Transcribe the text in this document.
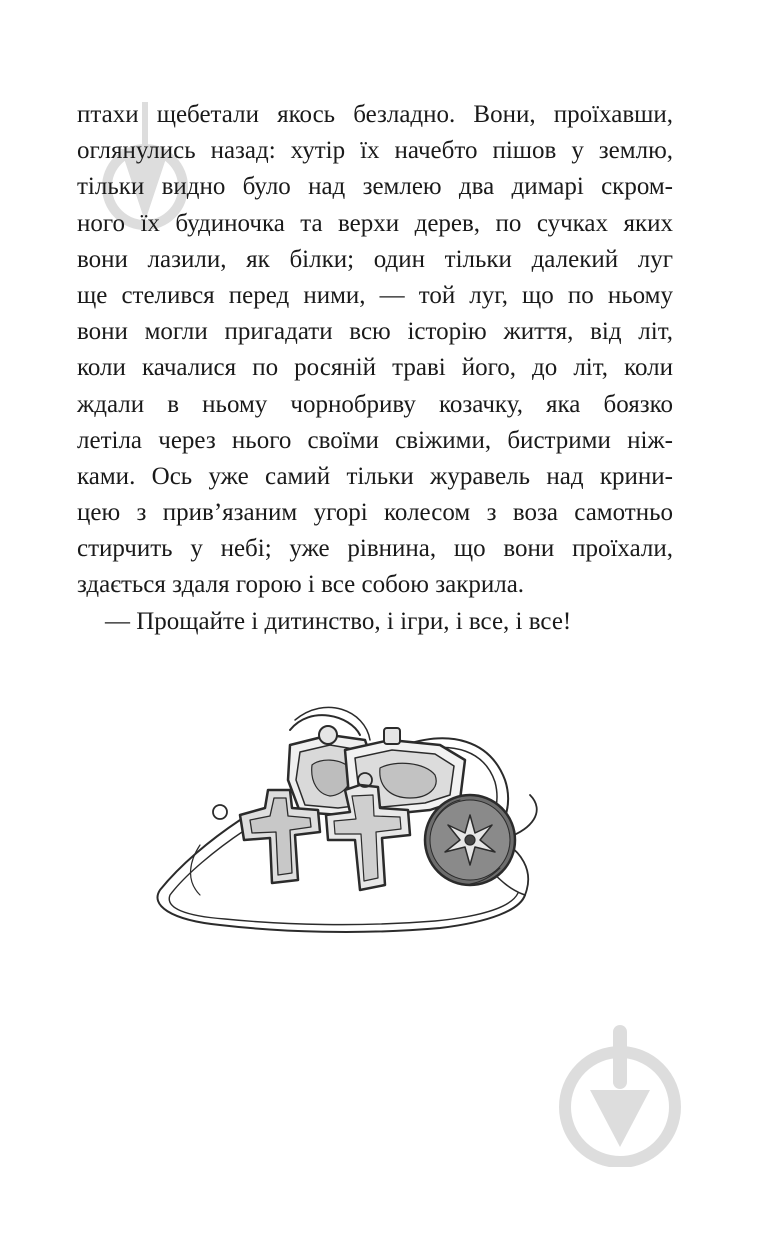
птахи щебетали якось безладно. Вони, проїхавши,
оглянулись назад: хутір їх начебто пішов у землю,
тільки видно було над землею два димарі скром-
ного їх будиночка та верхи дерев, по сучках яких
вони лазили, як білки; один тільки далекий луг
ще стелився перед ними, — той луг, що по ньому
вони могли пригадати всю історію життя, від літ,
коли качалися по росяній траві його, до літ, коли
ждали в ньому чорнобриву козачку, яка боязко
летіла через нього своїми свіжими, бистрими ніж-
ками. Ось уже самий тільки журавель над крини-
цею з прив’язаним угорі колесом з воза самотньо
стирчить у небі; уже рівнина, що вони проїхали,
здається здаля горою і все собою закрила.
— Прощайте і дитинство, і ігри, і все, і все!
